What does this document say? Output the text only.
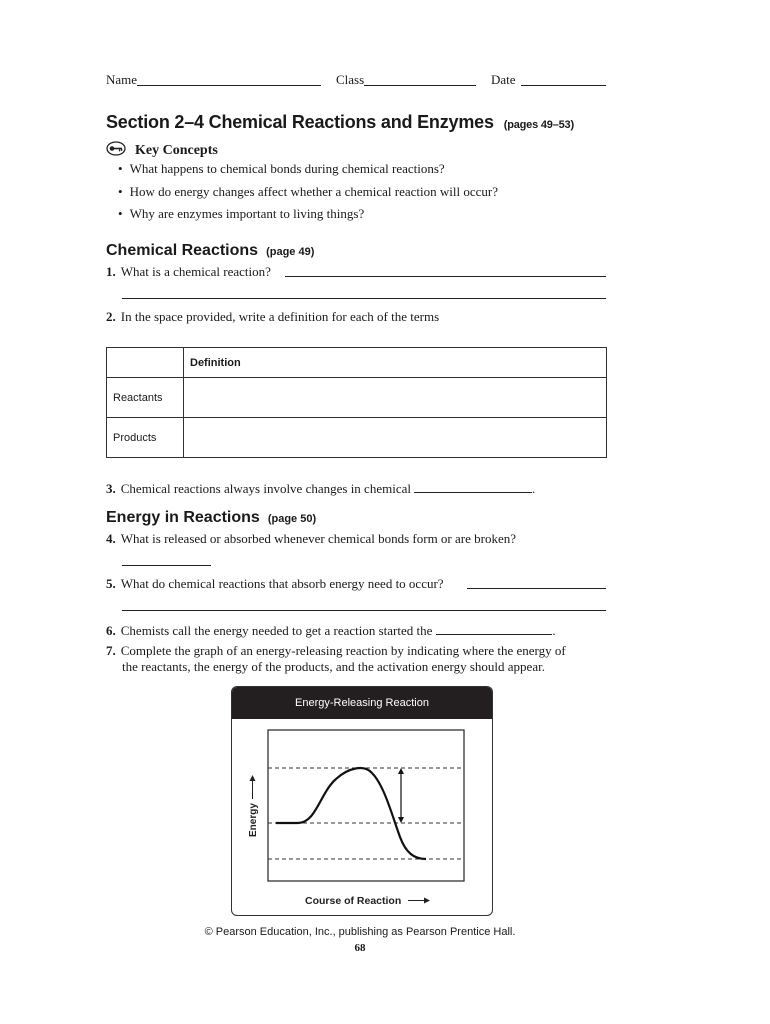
Name	Class	Date
Section 2–4 Chemical Reactions and Enzymes (pages 49–53)
Key Concepts
• What happens to chemical bonds during chemical reactions?
• How do energy changes affect whether a chemical reaction will occur?
• Why are enzymes important to living things?
Chemical Reactions (page 49)
1. What is a chemical reaction?
2. In the space provided, write a definition for each of the terms
	Definition
Reactants	
Products	
3. Chemical reactions always involve changes in chemical	.
Energy in Reactions (page 50)
4. What is released or absorbed whenever chemical bonds form or are broken?
5. What do chemical reactions that absorb energy need to occur?
6. Chemists call the energy needed to get a reaction started the	.
7. Complete the graph of an energy-releasing reaction by indicating where the energy of
the reactants, the energy of the products, and the activation energy should appear.
Energy-Releasing Reaction
Energy
Course of Reaction
© Pearson Education, Inc., publishing as Pearson Prentice Hall.
68
